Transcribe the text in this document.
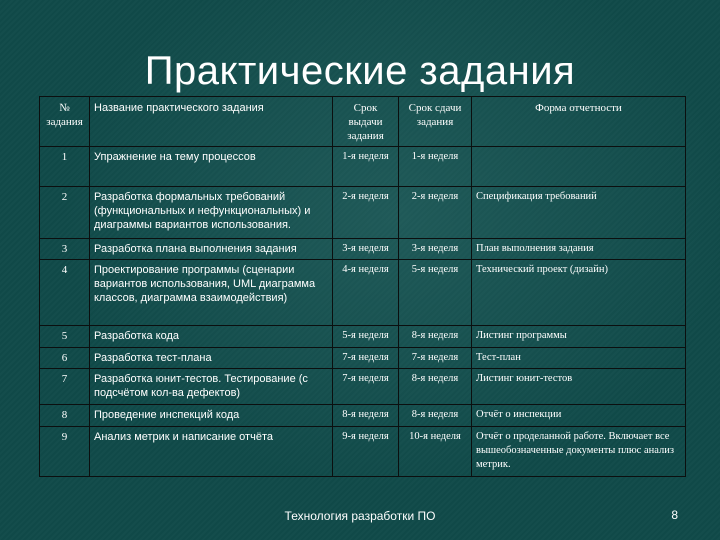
Практические задания
№ задания	Название практического задания	Срок выдачи задания	Срок сдачи задания	Форма отчетности
1	Упражнение на тему процессов	1-я неделя	1-я неделя	
2	Разработка формальных требований (функциональных и нефункциональных) и диаграммы вариантов использования.	2-я неделя	2-я неделя	Спецификация требований
3	Разработка плана выполнения задания	3-я неделя	3-я неделя	План выполнения задания
4	Проектирование программы (сценарии вариантов использования, UML диаграмма классов, диаграмма взаимодействия)	4-я неделя	5-я неделя	Технический проект (дизайн)
5	Разработка кода	5-я неделя	8-я неделя	Листинг программы
6	Разработка тест-плана	7-я неделя	7-я неделя	Тест-план
7	Разработка юнит-тестов. Тестирование (с подсчётом кол-ва дефектов)	7-я неделя	8-я неделя	Листинг юнит-тестов
8	Проведение инспекций кода	8-я неделя	8-я неделя	Отчёт о инспекции
9	Анализ метрик и написание отчёта	9-я неделя	10-я неделя	Отчёт о проделанной работе. Включает все вышеобозначенные документы плюс анализ метрик.
Технология разработки ПО	8
